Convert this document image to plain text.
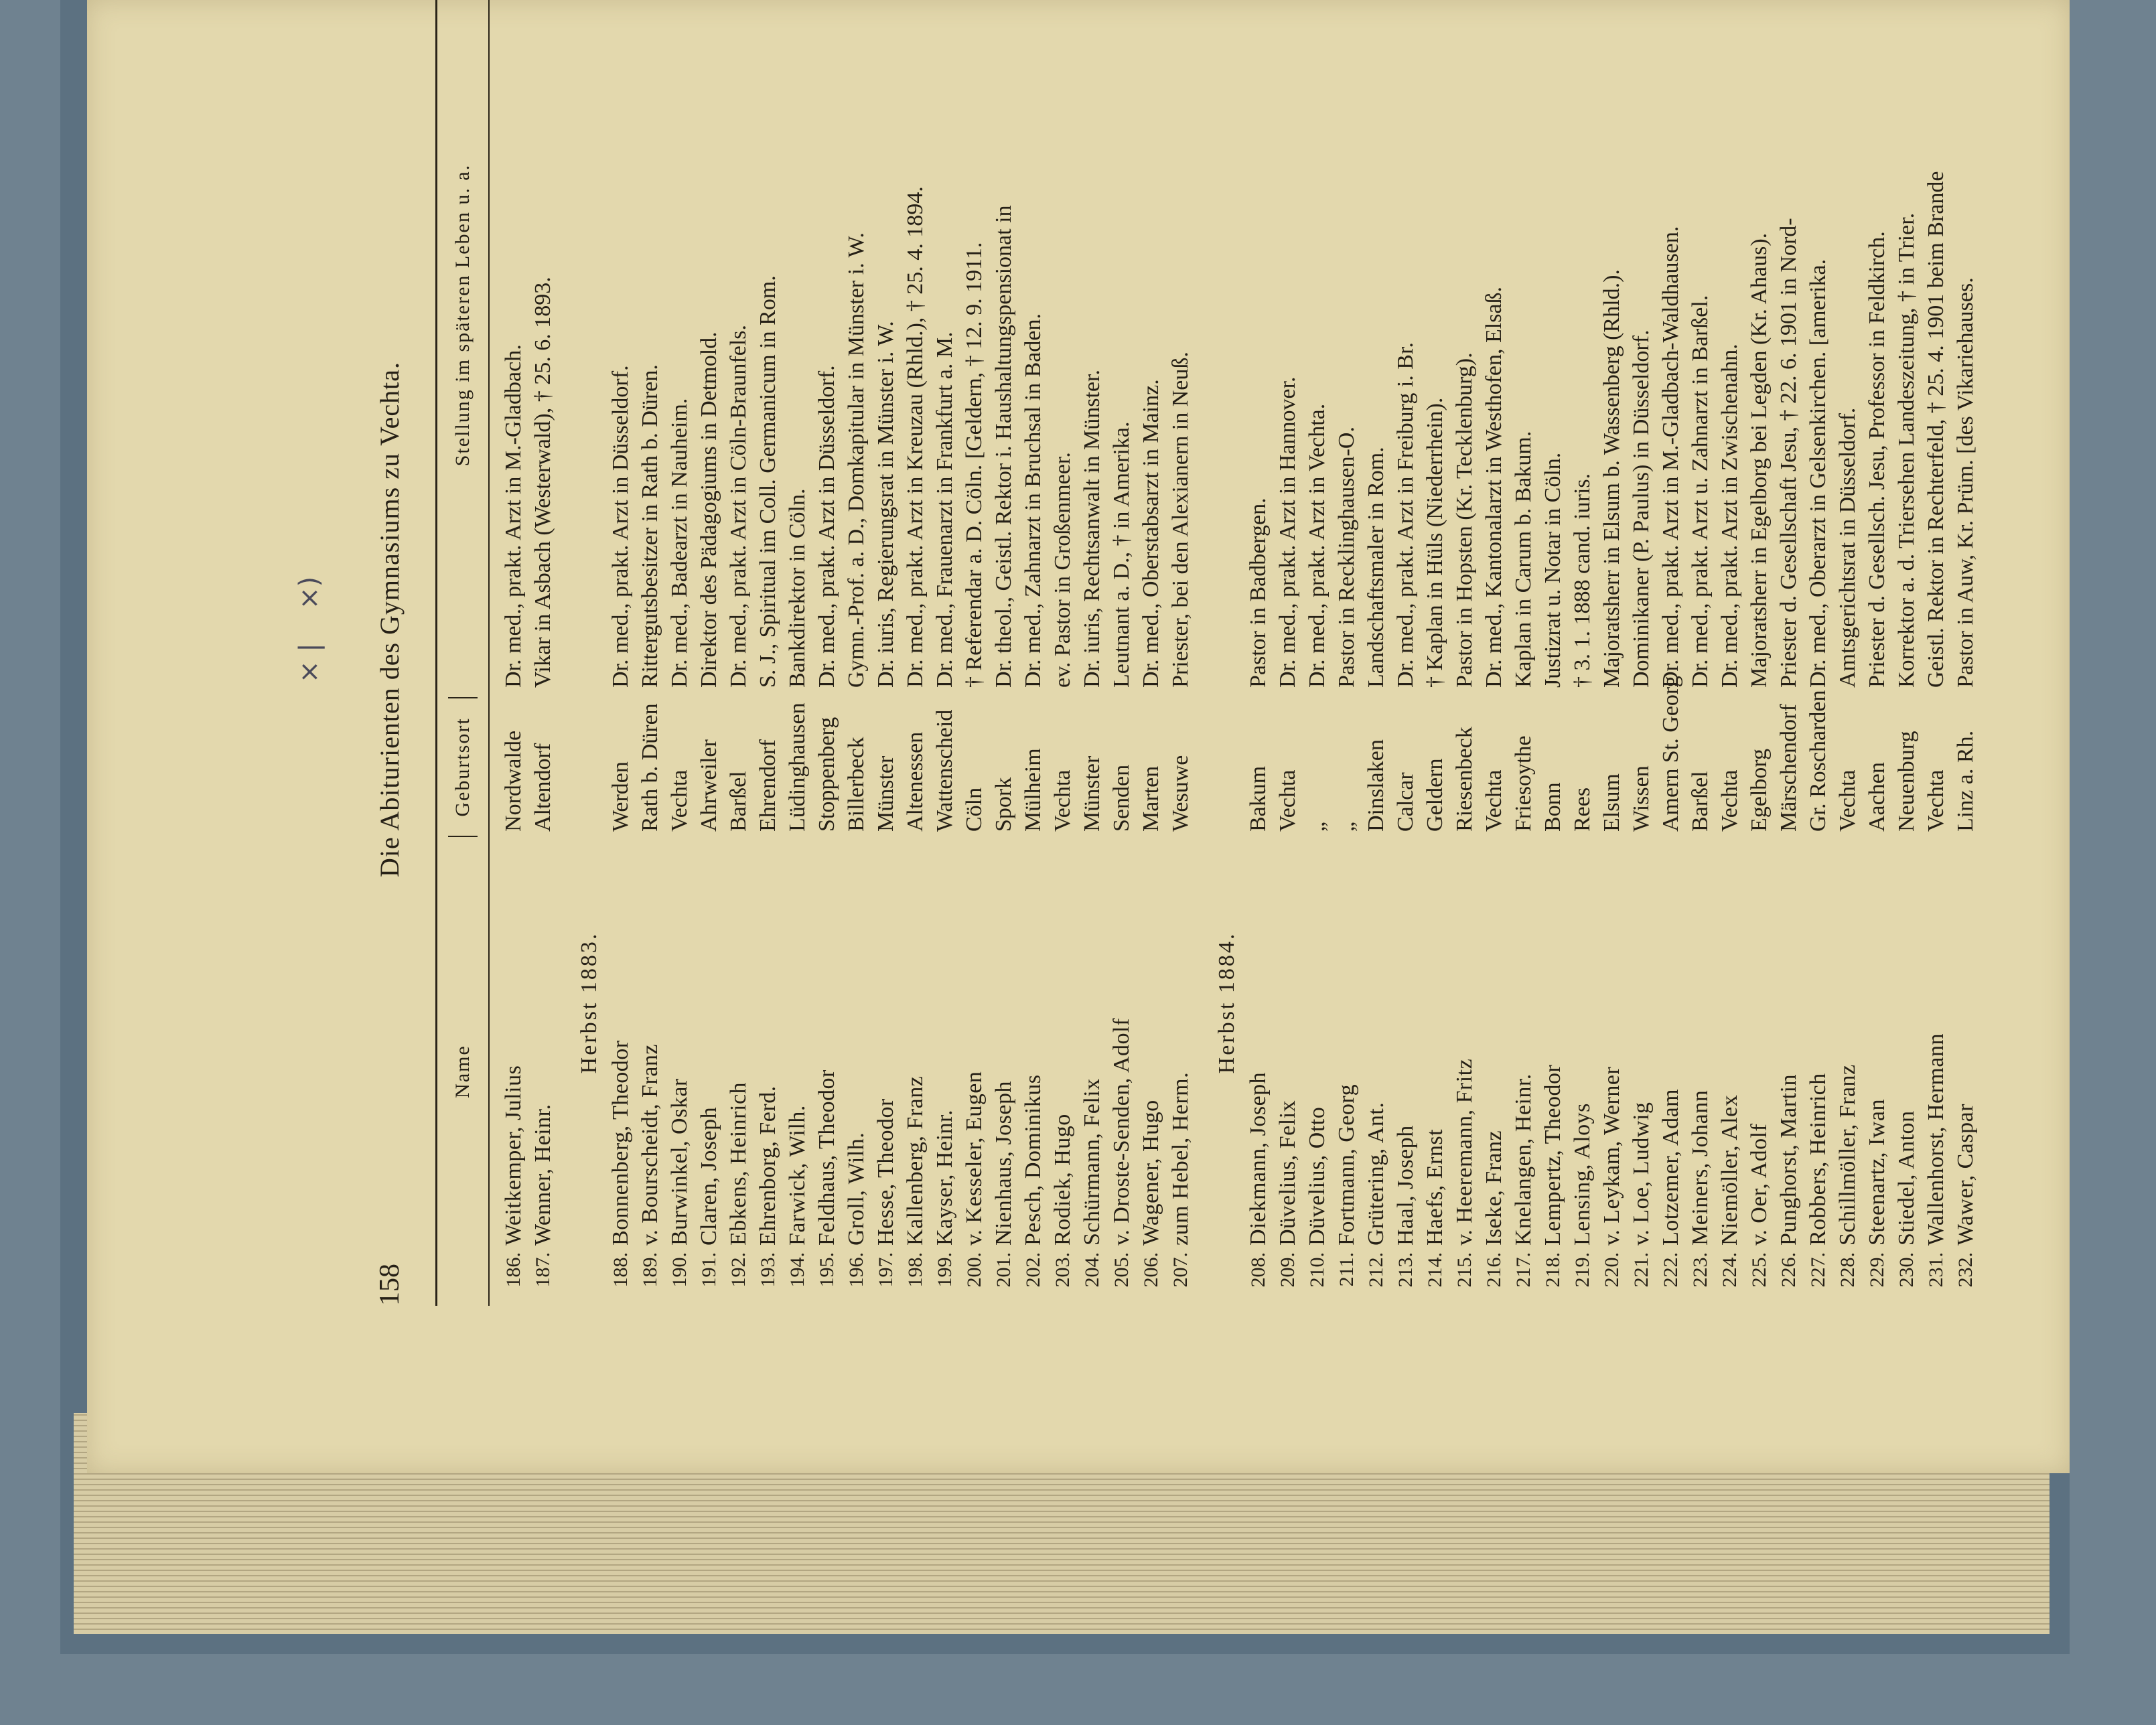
158
Die Abiturienten des Gymnasiums zu Vechta.
Name
Geburtsort
Stellung im späteren Leben u. a.
186.
Weitkemper, Julius
Nordwalde
Dr. med., prakt. Arzt in M.-Gladbach.
187.
Wenner, Heinr.
Altendorf
Vikar in Asbach (Westerwald), † 25. 6. 1893.
Herbst 1883.
188.
Bonnenberg, Theodor
Werden
Dr. med., prakt. Arzt in Düsseldorf.
189.
v. Bourscheidt, Franz
Rath b. Düren
Rittergutsbesitzer in Rath b. Düren.
190.
Burwinkel, Oskar
Vechta
Dr. med., Badearzt in Nauheim.
191.
Claren, Joseph
Ahrweiler
Direktor des Pädagogiums in Detmold.
192.
Ebkens, Heinrich
Barßel
Dr. med., prakt. Arzt in Cöln-Braunfels.
193.
Ehrenborg, Ferd.
Ehrendorf
S. J., Spiritual im Coll. Germanicum in Rom.
194.
Farwick, Wilh.
Lüdinghausen
Bankdirektor in Cöln.
195.
Feldhaus, Theodor
Stoppenberg
Dr. med., prakt. Arzt in Düsseldorf.
196.
Groll, Wilh.
Billerbeck
Gymn.-Prof. a. D., Domkapitular in Münster i. W.
197.
Hesse, Theodor
Münster
Dr. iuris, Regierungsrat in Münster i. W.
198.
Kallenberg, Franz
Altenessen
Dr. med., prakt. Arzt in Kreuzau (Rhld.), † 25. 4. 1894.
199.
Kayser, Heinr.
Wattenscheid
Dr. med., Frauenarzt in Frankfurt a. M.
200.
v. Kesseler, Eugen
Cöln
† Referendar a. D. Cöln. [Geldern, † 12. 9. 1911.
201.
Nienhaus, Joseph
Spork
Dr. theol., Geistl. Rektor i. Haushaltungspensionat in
202.
Pesch, Dominikus
Mülheim
Dr. med., Zahnarzt in Bruchsal in Baden.
203.
Rodiek, Hugo
Vechta
ev. Pastor in Großenmeer.
204.
Schürmann, Felix
Münster
Dr. iuris, Rechtsanwalt in Münster.
205.
v. Droste-Senden, Adolf
Senden
Leutnant a. D., † in Amerika.
206.
Wagener, Hugo
Marten
Dr. med., Oberstabsarzt in Mainz.
207.
zum Hebel, Herm.
Wesuwe
Priester, bei den Alexianern in Neuß.
Herbst 1884.
208.
Diekmann, Joseph
Bakum
Pastor in Badbergen.
209.
Düvelius, Felix
Vechta
Dr. med., prakt. Arzt in Hannover.
210.
Düvelius, Otto
„
Dr. med., prakt. Arzt in Vechta.
211.
Fortmann, Georg
„
Pastor in Recklinghausen-O.
212.
Grütering, Ant.
Dinslaken
Landschaftsmaler in Rom.
213.
Haal, Joseph
Calcar
Dr. med., prakt. Arzt in Freiburg i. Br.
214.
Haefs, Ernst
Geldern
† Kaplan in Hüls (Niederrhein).
215.
v. Heeremann, Fritz
Riesenbeck
Pastor in Hopsten (Kr. Tecklenburg).
216.
Iseke, Franz
Vechta
Dr. med., Kantonalarzt in Westhofen, Elsaß.
217.
Knelangen, Heinr.
Friesoythe
Kaplan in Carum b. Bakum.
218.
Lempertz, Theodor
Bonn
Justizrat u. Notar in Cöln.
219.
Lensing, Aloys
Rees
† 3. 1. 1888 cand. iuris.
220.
v. Leykam, Werner
Elsum
Majoratsherr in Elsum b. Wassenberg (Rhld.).
221.
v. Loe, Ludwig
Wissen
Dominikaner (P. Paulus) in Düsseldorf.
222.
Lotzemer, Adam
Amern St. Georg
Dr. med., prakt. Arzt in M.-Gladbach-Waldhausen.
223.
Meiners, Johann
Barßel
Dr. med., prakt. Arzt u. Zahnarzt in Barßel.
224.
Niemöller, Alex
Vechta
Dr. med., prakt. Arzt in Zwischenahn.
225.
v. Oer, Adolf
Egelborg
Majoratsherr in Egelborg bei Legden (Kr. Ahaus).
226.
Punghorst, Martin
Märschendorf
Priester d. Gesellschaft Jesu, † 22. 6. 1901 in Nord-
227.
Robbers, Heinrich
Gr. Roscharden
Dr. med., Oberarzt in Gelsenkirchen. [amerika.
228.
Schillmöller, Franz
Vechta
Amtsgerichtsrat in Düsseldorf.
229.
Steenartz, Iwan
Aachen
Priester d. Gesellsch. Jesu, Professor in Feldkirch.
230.
Stiedel, Anton
Neuenburg
Korrektor a. d. Triersehen Landeszeitung, † in Trier.
231.
Wallenhorst, Hermann
Vechta
Geistl. Rektor in Rechterfeld, † 25. 4. 1901 beim Brande
232.
Wawer, Caspar
Linz a. Rh.
Pastor in Auw, Kr. Prüm. [des Vikariehauses.
× |
×)
